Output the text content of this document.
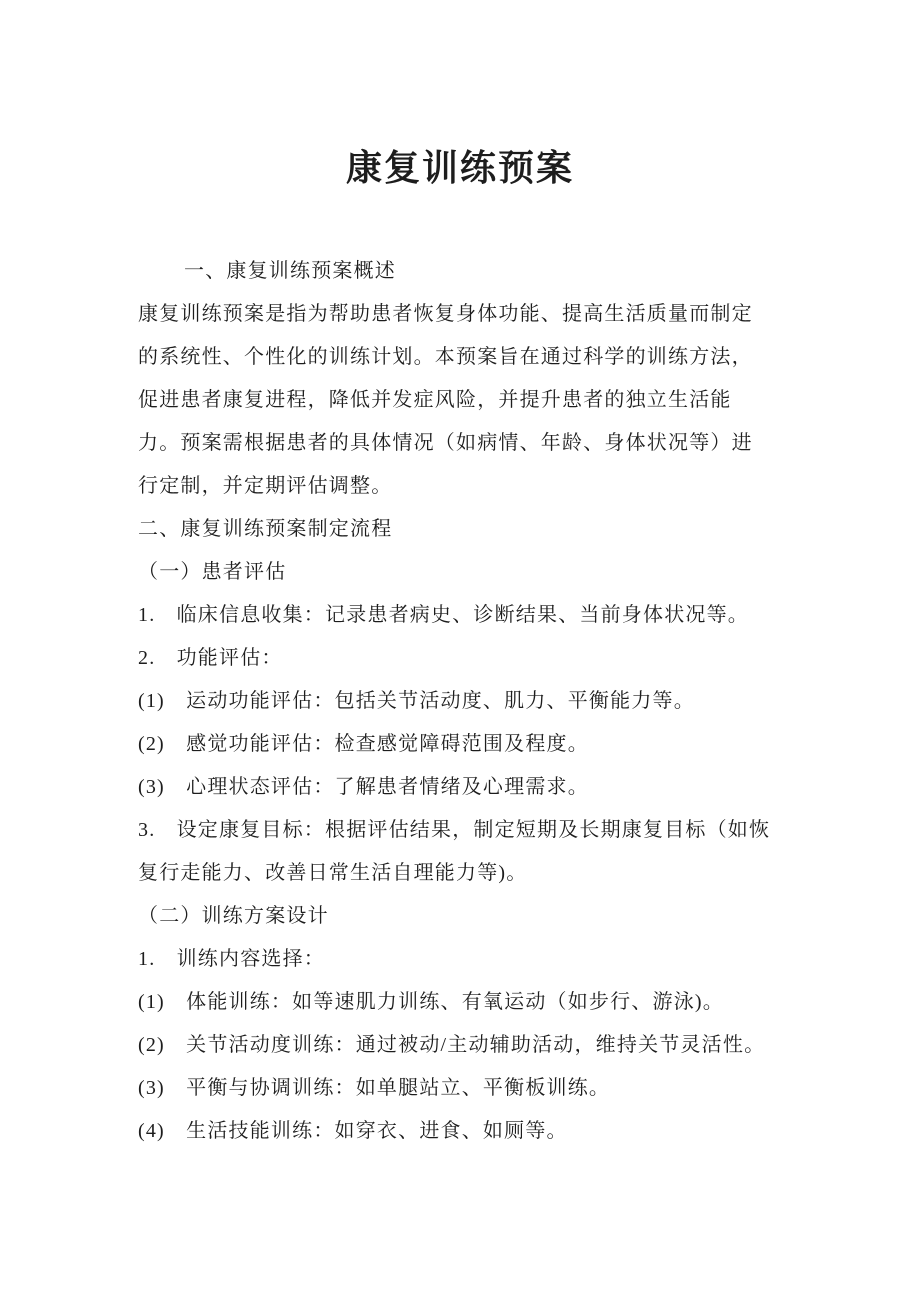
康复训练预案
一、康复训练预案概述
康复训练预案是指为帮助患者恢复身体功能、提高生活质量而制定
的系统性、个性化的训练计划。本预案旨在通过科学的训练方法，
促进患者康复进程，降低并发症风险，并提升患者的独立生活能
力。预案需根据患者的具体情况（如病情、年龄、身体状况等）进
行定制，并定期评估调整。
二、康复训练预案制定流程
（一）患者评估
1. 临床信息收集：记录患者病史、诊断结果、当前身体状况等。
2. 功能评估：
(1) 运动功能评估：包括关节活动度、肌力、平衡能力等。
(2) 感觉功能评估：检查感觉障碍范围及程度。
(3) 心理状态评估：了解患者情绪及心理需求。
3. 设定康复目标：根据评估结果，制定短期及长期康复目标（如恢
复行走能力、改善日常生活自理能力等)。
（二）训练方案设计
1. 训练内容选择：
(1) 体能训练：如等速肌力训练、有氧运动（如步行、游泳)。
(2) 关节活动度训练：通过被动/主动辅助活动，维持关节灵活性。
(3) 平衡与协调训练：如单腿站立、平衡板训练。
(4) 生活技能训练：如穿衣、进食、如厕等。
